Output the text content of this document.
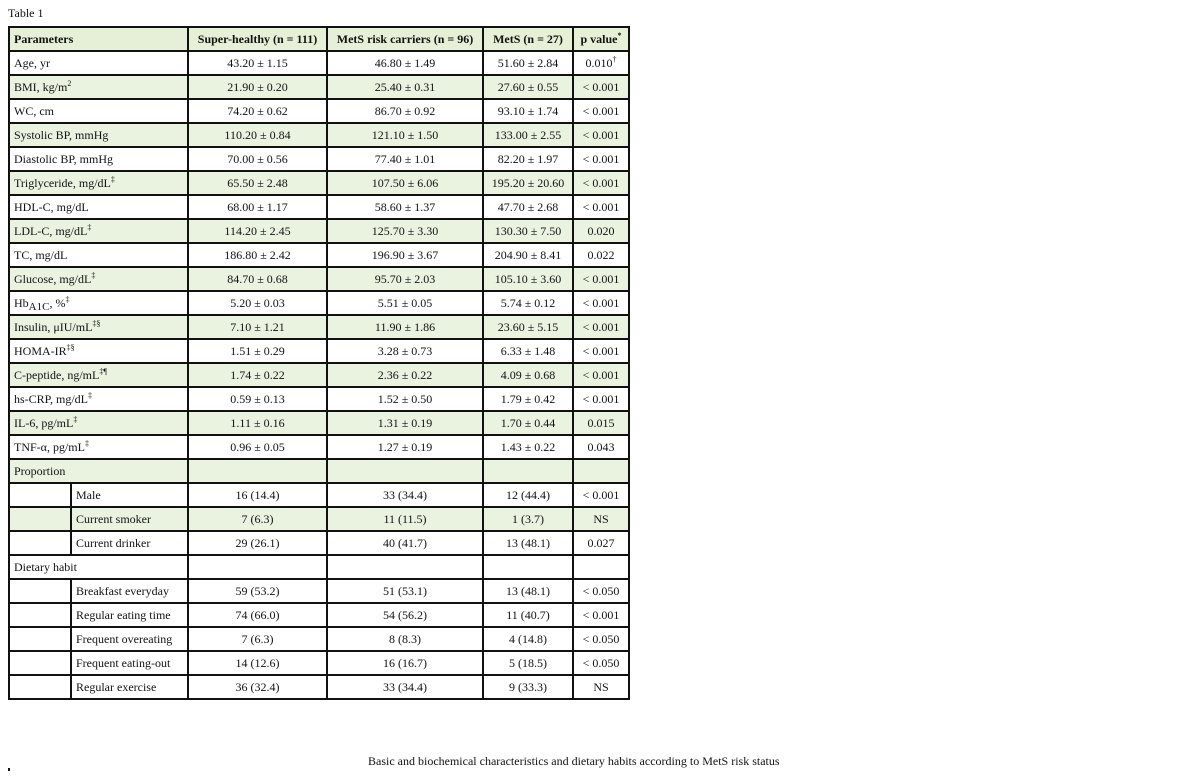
Table 1
Parameters		Super-healthy (n = 111)	MetS risk carriers (n = 96)	MetS (n = 27)	p value*
Age, yr		43.20 ± 1.15	46.80 ± 1.49	51.60 ± 2.84	0.010†
BMI, $kg/m^2$		21.90 ± 0.20	25.40 ± 0.31	27.60 ± 0.55	< 0.001
WC, cm		74.20 ± 0.62	86.70 ± 0.92	93.10 ± 1.74	< 0.001
Systolic BP, mmHg		110.20 ± 0.84	121.10 ± 1.50	133.00 ± 2.55	< 0.001
Diastolic BP, mmHg		70.00 ± 0.56	77.40 ± 1.01	82.20 ± 1.97	< 0.001
Triglyceride, mg/dL‡		65.50 ± 2.48	107.50 ± 6.06	195.20 ± 20.60	< 0.001
HDL-C, mg/dL		68.00 ± 1.17	58.60 ± 1.37	47.70 ± 2.68	< 0.001
LDL-C, mg/dL‡		114.20 ± 2.45	125.70 ± 3.30	130.30 ± 7.50	0.020
TC, mg/dL		186.80 ± 2.42	196.90 ± 3.67	204.90 ± 8.41	0.022
Glucose, mg/dL‡		84.70 ± 0.68	95.70 ± 2.03	105.10 ± 3.60	< 0.001
$Hb_{A1C}$, %‡		5.20 ± 0.03	5.51 ± 0.05	5.74 ± 0.12	< 0.001
Insulin, μIU/mL‡§		7.10 ± 1.21	11.90 ± 1.86	23.60 ± 5.15	< 0.001
HOMA-IR‡§		1.51 ± 0.29	3.28 ± 0.73	6.33 ± 1.48	< 0.001
C-peptide, ng/mL‡¶		1.74 ± 0.22	2.36 ± 0.22	4.09 ± 0.68	< 0.001
hs-CRP, mg/dL‡		0.59 ± 0.13	1.52 ± 0.50	1.79 ± 0.42	< 0.001
IL-6, pg/mL‡		1.11 ± 0.16	1.31 ± 0.19	1.70 ± 0.44	0.015
TNF-α, pg/mL‡		0.96 ± 0.05	1.27 ± 0.19	1.43 ± 0.22	0.043
Proportion					
	Male	16 (14.4)	33 (34.4)	12 (44.4)	< 0.001
	Current smoker	7 (6.3)	11 (11.5)	1 (3.7)	NS
	Current drinker	29 (26.1)	40 (41.7)	13 (48.1)	0.027
Dietary habit					
	Breakfast everyday	59 (53.2)	51 (53.1)	13 (48.1)	< 0.050
	Regular eating time	74 (66.0)	54 (56.2)	11 (40.7)	< 0.001
	Frequent overeating	7 (6.3)	8 (8.3)	4 (14.8)	< 0.050
	Frequent eating-out	14 (12.6)	16 (16.7)	5 (18.5)	< 0.050
	Regular exercise	36 (32.4)	33 (34.4)	9 (33.3)	NS
Basic and biochemical characteristics and dietary habits according to MetS risk status
